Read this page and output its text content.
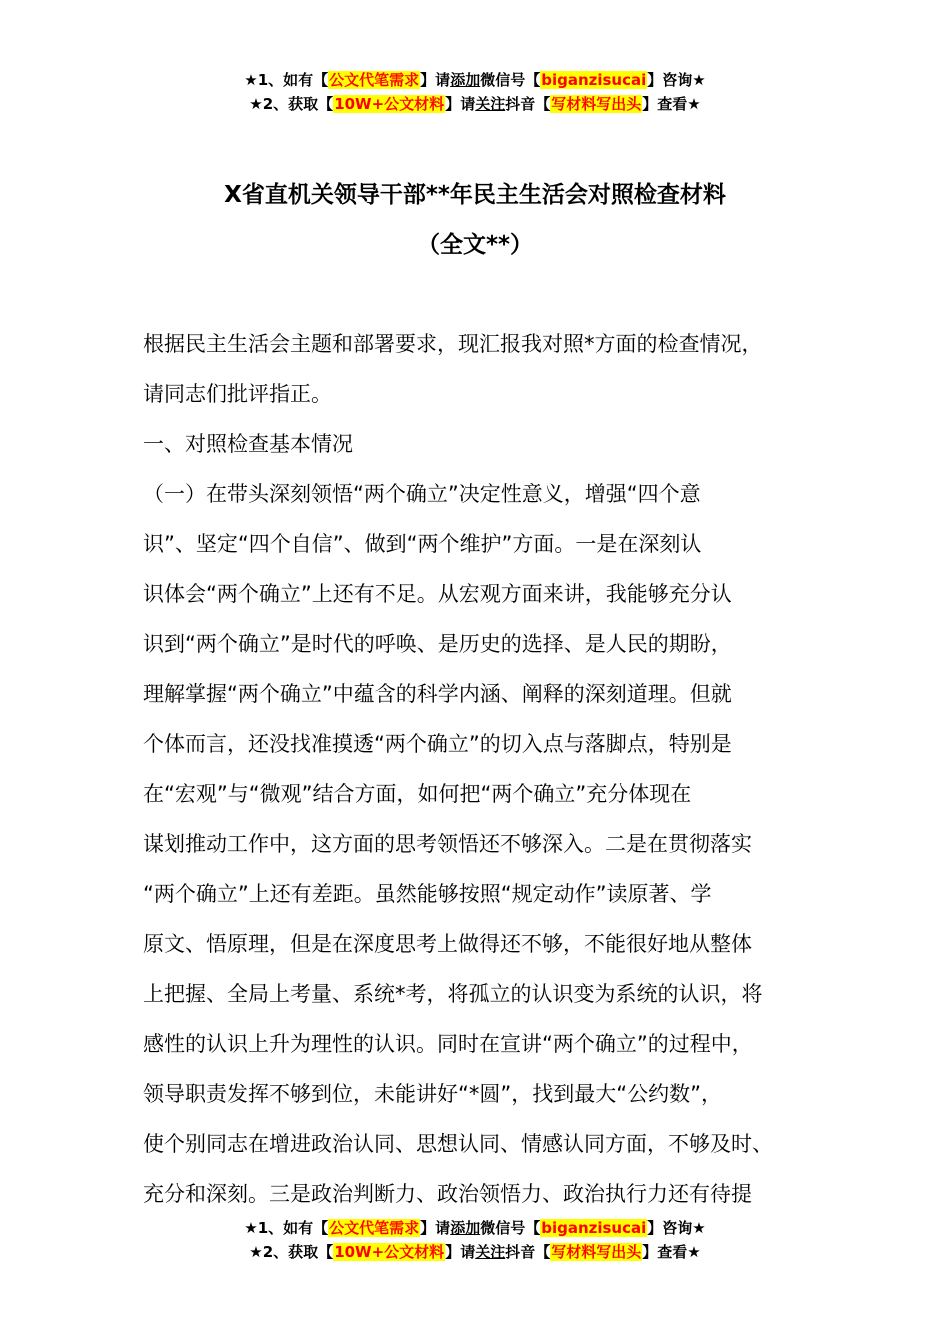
★1、如有【公文代笔需求】请添加微信号【biganzisucai】咨询★
★2、获取【10W+公文材料】请关注抖音【写材料写出头】查看★
X省直机关领导干部**年民主生活会对照检查材料
（全文**）
根据民主生活会主题和部署要求，现汇报我对照*方面的检查情况，
请同志们批评指正。
一、对照检查基本情况
（一）在带头深刻领悟“两个确立”决定性意义，增强“四个意
识”、坚定“四个自信”、做到“两个维护”方面。一是在深刻认
识体会“两个确立”上还有不足。从宏观方面来讲，我能够充分认
识到“两个确立”是时代的呼唤、是历史的选择、是人民的期盼，
理解掌握“两个确立”中蕴含的科学内涵、阐释的深刻道理。但就
个体而言，还没找准摸透“两个确立”的切入点与落脚点，特别是
在“宏观”与“微观”结合方面，如何把“两个确立”充分体现在
谋划推动工作中，这方面的思考领悟还不够深入。二是在贯彻落实
“两个确立”上还有差距。虽然能够按照“规定动作”读原著、学
原文、悟原理，但是在深度思考上做得还不够，不能很好地从整体
上把握、全局上考量、系统*考，将孤立的认识变为系统的认识，将
感性的认识上升为理性的认识。同时在宣讲“两个确立”的过程中，
领导职责发挥不够到位，未能讲好“*圆”，找到最大“公约数”，
使个别同志在增进政治认同、思想认同、情感认同方面，不够及时、
充分和深刻。三是政治判断力、政治领悟力、政治执行力还有待提
★1、如有【公文代笔需求】请添加微信号【biganzisucai】咨询★
★2、获取【10W+公文材料】请关注抖音【写材料写出头】查看★
